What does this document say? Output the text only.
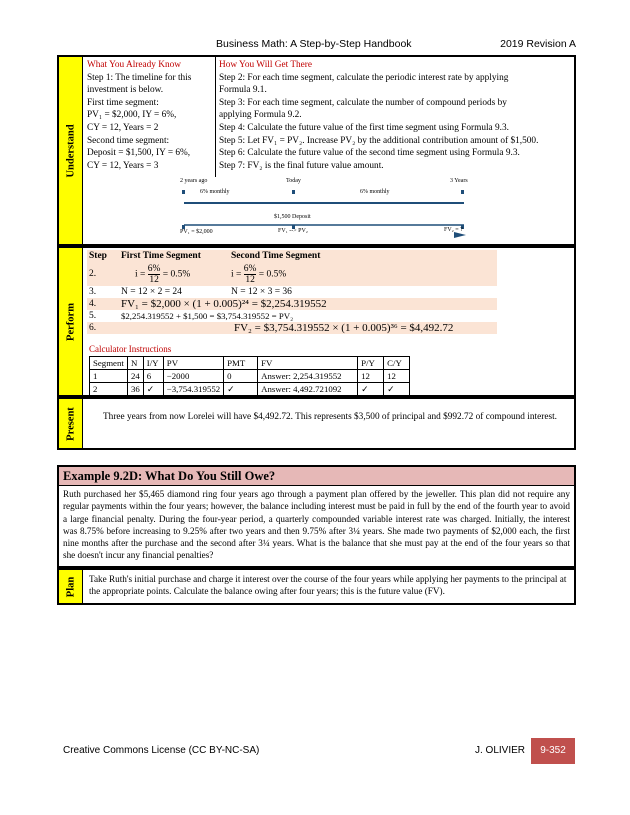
Business Math: A Step-by-Step Handbook	2019 Revision A
Understand
What You Already Know
Step 1: The timeline for this
investment is below.
First time segment:
PV₁ = $2,000, IY = 6%,
CY = 12, Years = 2
Second time segment:
Deposit = $1,500, IY = 6%,
CY = 12, Years = 3
How You Will Get There
Step 2: For each time segment, calculate the periodic interest rate by applying
Formula 9.1.
Step 3: For each time segment, calculate the number of compound periods by
applying Formula 9.2.
Step 4: Calculate the future value of the first time segment using Formula 9.3.
Step 5: Let FV₁ = PV₂. Increase PV₂ by the additional contribution amount of $1,500.
Step 6: Calculate the future value of the second time segment using Formula 9.3.
Step 7: FV₂ is the final future value amount.
2 years ago	Today	3 Years
6% monthly	6% monthly
$1,500 Deposit
FV₁ --> PV₂
PV₁ = $2,000	FV₂ = ?
Perform
Step	First Time Segment	Second Time Segment
2.	$i = \frac{6\%}{12} = 0.5\%$	$i = \frac{6\%}{12} = 0.5\%$
3.	N = 12 × 2 = 24	N = 12 × 3 = 36
4.	FV₁ = $2,000 × (1 + 0.005)²⁴ = $2,254.319552	
5.	$2,254.319552 + $1,500 = $3,754.319552 = PV₂	
6.	FV₂ = $3,754.319552 × (1 + 0.005)³⁶ = $4,492.72	
Calculator Instructions
Segment	N	I/Y	PV	PMT	FV	P/Y	C/Y
1	24	6	−2000	0	Answer: 2,254.319552	12	12
2	36	✓	−3,754.319552	✓	Answer: 4,492.721092	✓	✓
Present	Three years from now Lorelei will have $4,492.72. This represents $3,500 of principal and $992.72 of compound interest.
Example 9.2D: What Do You Still Owe?
Ruth purchased her $5,465 diamond ring four years ago through a payment plan offered by the jeweller. This plan did not require any regular payments within the four years; however, the balance including interest must be paid in full by the end of the fourth year to avoid a large financial penalty. During the four-year period, a quarterly compounded variable interest rate was charged. Initially, the interest was 8.75% before increasing to 9.25% after two years and then 9.75% after 3¼ years. She made two payments of $2,000 each, the first nine months after the purchase and the second after 3¼ years. What is the balance that she must pay at the end of the four years so that she doesn't incur any financial penalties?
Plan Take Ruth's initial purchase and charge it interest over the course of the four years while applying her payments to the principal at the appropriate points. Calculate the balance owing after four years; this is the future value (FV).
Creative Commons License (CC BY-NC-SA)	J. OLIVIER	9-352
